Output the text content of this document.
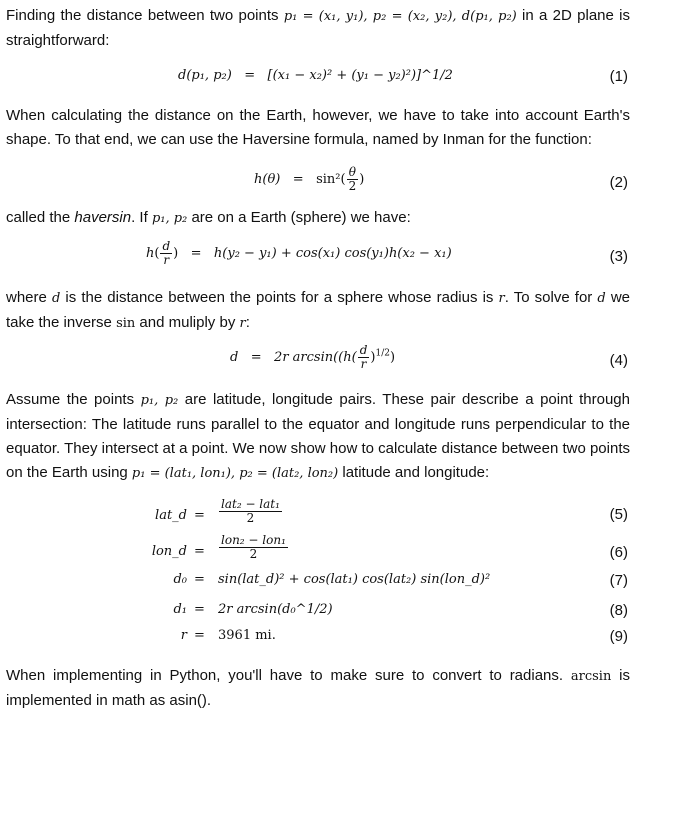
Finding the distance between two points p₁ = (x₁, y₁), p₂ = (x₂, y₂), d(p₁, p₂) in a 2D plane is straightforward:

d(p₁, p₂) = [(x₁ − x₂)² + (y₁ − y₂)²)]^1/2	(1)

When calculating the distance on the Earth, however, we have to take into account Earth's shape. To that end, we can use the Haversine formula, named by Inman for the function:

$h(\theta) = \sin^2( \frac{\theta}{2}$ )	(2)

called the haversin. If p₁, p₂ are on a Earth (sphere) we have:

$h( \frac{d}{r}$ )   = h(y₂ − y₁) + cos(x₁) cos(y₁)h(x₂ − x₁)	(3)

where d is the distance between the points for a sphere whose radius is r. To solve for d we take the inverse sin and muliply by r:

d = 2r $\arcsin((h( \frac{d}{r} )^{1/2})$	(4)

Assume the points p₁, p₂ are latitude, longitude pairs. These pair describe a point through intersection: The latitude runs parallel to the equator and longitude runs perpendicular to the equator. They intersect at a point. We now show how to calculate distance between two points on the Earth using p₁ = (lat₁, lon₁), p₂ = (lat₂, lon₂) latitude and longitude:

lat_d = $\frac{\text{lat₂ − lat₁}}{2}$	(5)
lon_d = $\frac{\text{lon₂ − lon₁}}{2}$	(6)
d₀ = sin(lat_d)² + cos(lat₁) cos(lat₂) sin(lon_d)²	(7)
d₁ = 2r arcsin(d₀^1/2)	(8)
r = 3961 mi.	(9)

When implementing in Python, you'll have to make sure to convert to radians. arcsin is implemented in math as asin().
